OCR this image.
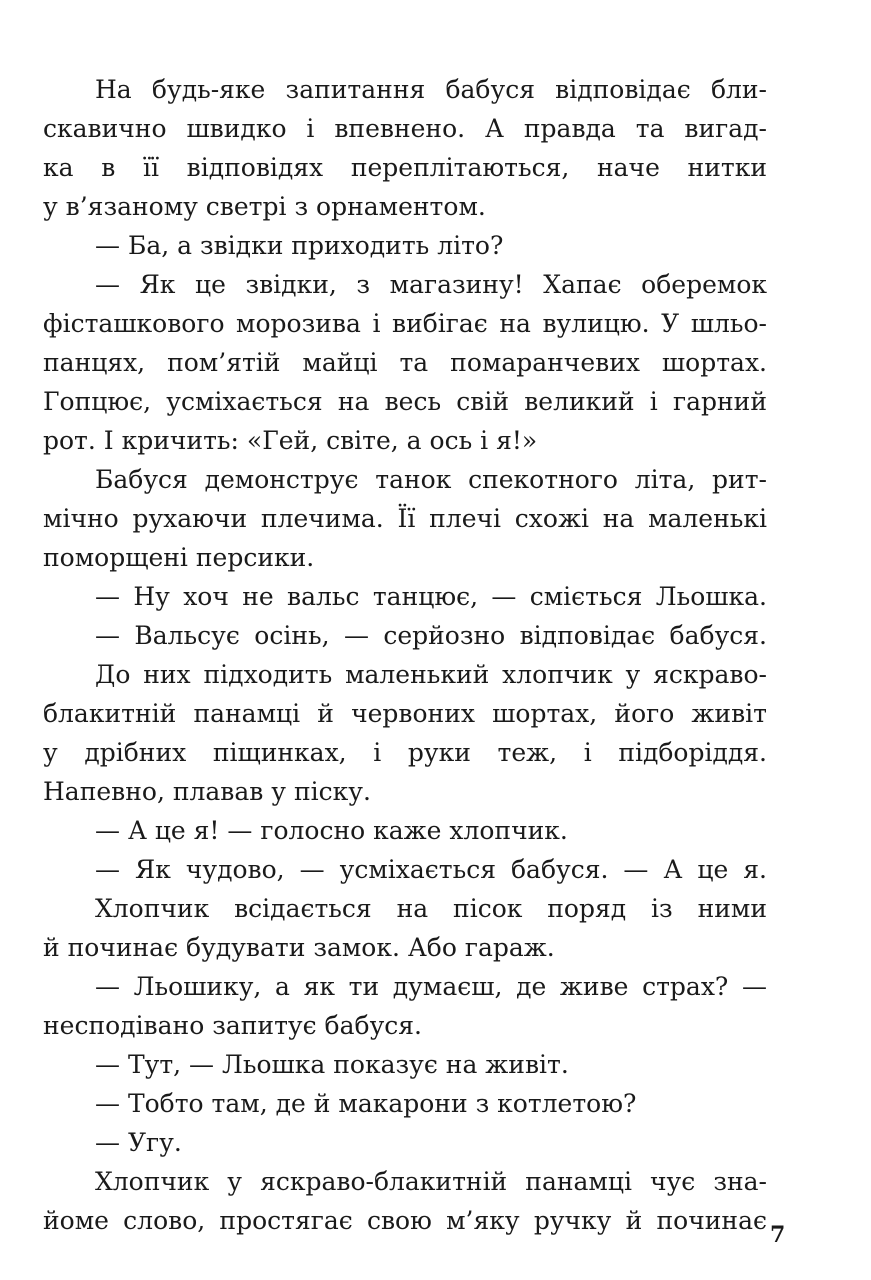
На будь-яке запитання бабуся відповідає бли-
скавично швидко і впевнено. А правда та вигад-
ка в її відповідях переплітаються, наче нитки
у в’язаному светрі з орнаментом.
— Ба, а звідки приходить літо?
— Як це звідки, з магазину! Хапає оберемок
фісташкового морозива і вибігає на вулицю. У шльо-
панцях, пом’ятій майці та помаранчевих шортах.
Гопцює, усміхається на весь свій великий і гарний
рот. І кричить: «Гей, світе, а ось і я!»
Бабуся демонструє танок спекотного літа, рит-
мічно рухаючи плечима. Її плечі схожі на маленькі
поморщені персики.
— Ну хоч не вальс танцює, — сміється Льошка.
— Вальсує осінь, — серйозно відповідає бабуся.
До них підходить маленький хлопчик у яскраво-
блакитній панамці й червоних шортах, його живіт
у дрібних піщинках, і руки теж, і підборіддя.
Напевно, плавав у піску.
— А це я! — голосно каже хлопчик.
— Як чудово, — усміхається бабуся. — А це я.
Хлопчик всідається на пісок поряд із ними
й починає будувати замок. Або гараж.
— Льошику, а як ти думаєш, де живе страх? —
несподівано запитує бабуся.
— Тут, — Льошка показує на живіт.
— Тобто там, де й макарони з котлетою?
— Угу.
Хлопчик у яскраво-блакитній панамці чує зна-
йоме слово, простягає свою м’яку ручку й починає 7
